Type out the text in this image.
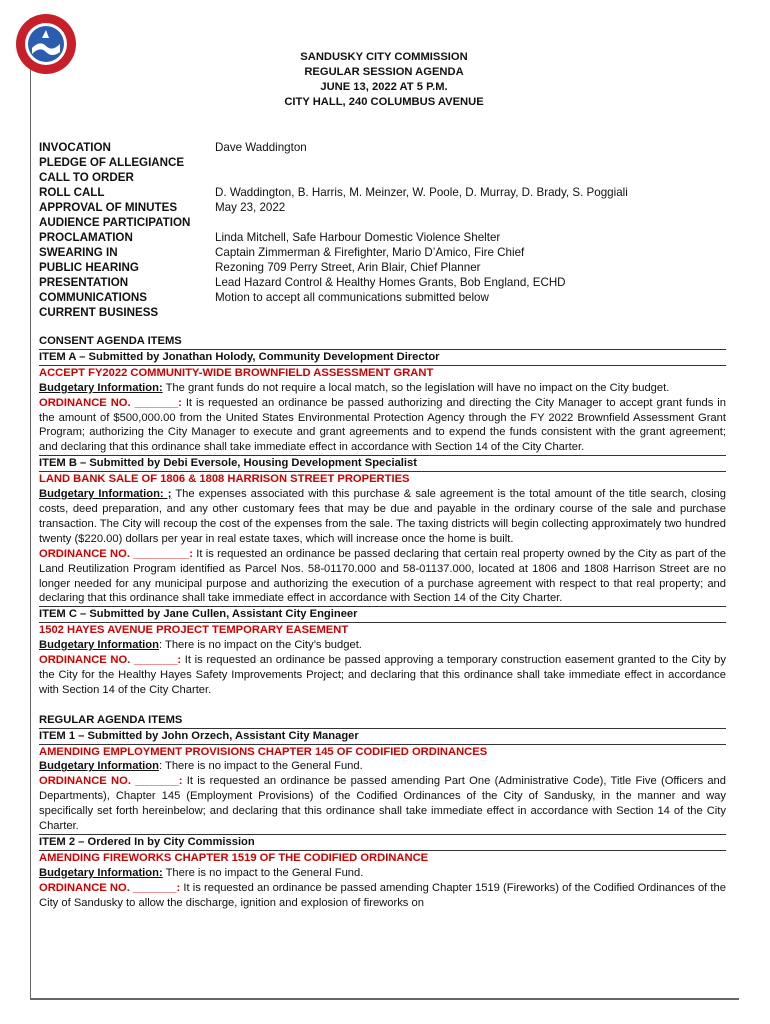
SANDUSKY CITY COMMISSION
REGULAR SESSION AGENDA
JUNE 13, 2022 AT 5 P.M.
CITY HALL, 240 COLUMBUS AVENUE
INVOCATION	Dave Waddington
PLEDGE OF ALLEGIANCE
CALL TO ORDER
ROLL CALL	D. Waddington, B. Harris, M. Meinzer, W. Poole, D. Murray, D. Brady, S. Poggiali
APPROVAL OF MINUTES	May 23, 2022
AUDIENCE PARTICIPATION
PROCLAMATION	Linda Mitchell, Safe Harbour Domestic Violence Shelter
SWEARING IN	Captain Zimmerman & Firefighter, Mario D’Amico, Fire Chief
PUBLIC HEARING	Rezoning 709 Perry Street, Arin Blair, Chief Planner
PRESENTATION	Lead Hazard Control & Healthy Homes Grants, Bob England, ECHD
COMMUNICATIONS	Motion to accept all communications submitted below
CURRENT BUSINESS
CONSENT AGENDA ITEMS
ITEM A – Submitted by Jonathan Holody, Community Development Director
ACCEPT FY2022 COMMUNITY-WIDE BROWNFIELD ASSESSMENT GRANT

Budgetary Information: The grant funds do not require a local match, so the legislation will have no impact on the City budget.

ORDINANCE NO. _______: It is requested an ordinance be passed authorizing and directing the City Manager to accept grant funds in the amount of $500,000.00 from the United States Environmental Protection Agency through the FY 2022 Brownfield Assessment Grant Program; authorizing the City Manager to execute and grant agreements and to expend the funds consistent with the grant agreement; and declaring that this ordinance shall take immediate effect in accordance with Section 14 of the City Charter.

ITEM B – Submitted by Debi Eversole, Housing Development Specialist
LAND BANK SALE OF 1806 & 1808 HARRISON STREET PROPERTIES

Budgetary Information: ; The expenses associated with this purchase & sale agreement is the total amount of the title search, closing costs, deed preparation, and any other customary fees that may be due and payable in the ordinary course of the sale and purchase transaction. The City will recoup the cost of the expenses from the sale. The taxing districts will begin collecting approximately two hundred twenty ($220.00) dollars per year in real estate taxes, which will increase once the home is built.

ORDINANCE NO. _________: It is requested an ordinance be passed declaring that certain real property owned by the City as part of the Land Reutilization Program identified as Parcel Nos. 58-01170.000 and 58-01137.000, located at 1806 and 1808 Harrison Street are no longer needed for any municipal purpose and authorizing the execution of a purchase agreement with respect to that real property; and declaring that this ordinance shall take immediate effect in accordance with Section 14 of the City Charter.

ITEM C – Submitted by Jane Cullen, Assistant City Engineer
1502 HAYES AVENUE PROJECT TEMPORARY EASEMENT

Budgetary Information: There is no impact on the City’s budget.

ORDINANCE NO. _______: It is requested an ordinance be passed approving a temporary construction easement granted to the City by the City for the Healthy Hayes Safety Improvements Project; and declaring that this ordinance shall take immediate effect in accordance with Section 14 of the City Charter.

REGULAR AGENDA ITEMS
ITEM 1 – Submitted by John Orzech, Assistant City Manager
AMENDING EMPLOYMENT PROVISIONS CHAPTER 145 OF CODIFIED ORDINANCES

Budgetary Information: There is no impact to the General Fund.

ORDINANCE NO. _______: It is requested an ordinance be passed amending Part One (Administrative Code), Title Five (Officers and Departments), Chapter 145 (Employment Provisions) of the Codified Ordinances of the City of Sandusky, in the manner and way specifically set forth hereinbelow; and declaring that this ordinance shall take immediate effect in accordance with Section 14 of the City Charter.

ITEM 2 – Ordered In by City Commission
AMENDING FIREWORKS CHAPTER 1519 OF THE CODIFIED ORDINANCE

Budgetary Information: There is no impact to the General Fund.

ORDINANCE NO. _______: It is requested an ordinance be passed amending Chapter 1519 (Fireworks) of the Codified Ordinances of the City of Sandusky to allow the discharge, ignition and explosion of fireworks on
